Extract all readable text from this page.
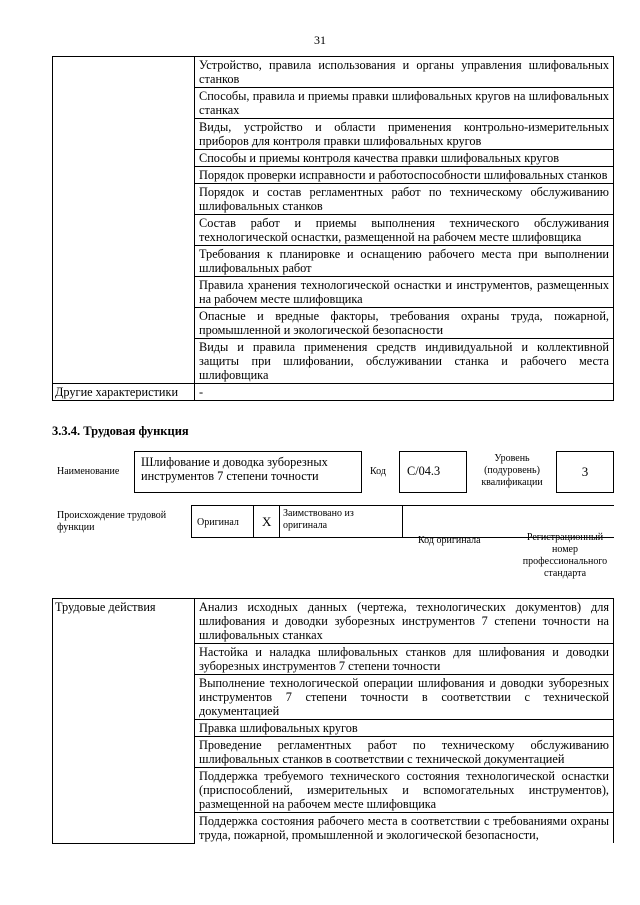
31
	Устройство, правила использования и органы управления шлифовальных станков
	Способы, правила и приемы правки шлифовальных кругов на шлифовальных станках
	Виды, устройство и области применения контрольно-измерительных приборов для контроля правки шлифовальных кругов
	Способы и приемы контроля качества правки шлифовальных кругов
	Порядок проверки исправности и работоспособности шлифовальных станков
	Порядок и состав регламентных работ по техническому обслуживанию шлифовальных станков
	Состав работ и приемы выполнения технического обслуживания технологической оснастки, размещенной на рабочем месте шлифовщика
	Требования к планировке и оснащению рабочего места при выполнении шлифовальных работ
	Правила хранения технологической оснастки и инструментов, размещенных на рабочем месте шлифовщика
	Опасные и вредные факторы, требования охраны труда, пожарной, промышленной и экологической безопасности
	Виды и правила применения средств индивидуальной и коллективной защиты при шлифовании, обслуживании станка и рабочего места шлифовщика
Другие характеристики	-
3.3.4. Трудовая функция
Наименование
Шлифование и доводка зуборезных инструментов 7 степени точности	Код	C/04.3
Уровень (подуровень) квалификации
3
Происхождение трудовой функции	Оригинал X
Заимствовано из оригинала
Код оригинала	Регистрационный номер профессионального стандарта
Трудовые действия	Анализ исходных данных (чертежа, технологических документов) для шлифования и доводки зуборезных инструментов 7 степени точности на шлифовальных станках
Настойка и наладка шлифовальных станков для шлифования и доводки зуборезных инструментов 7 степени точности
Выполнение технологической операции шлифования и доводки зуборезных инструментов 7 степени точности в соответствии с технической документацией
Правка шлифовальных кругов
Проведение регламентных работ по техническому обслуживанию шлифовальных станков в соответствии с технической документацией
Поддержка требуемого технического состояния технологической оснастки (приспособлений, измерительных и вспомогательных инструментов), размещенной на рабочем месте шлифовщика
Поддержка состояния рабочего места в соответствии с требованиями охраны труда, пожарной, промышленной и экологической безопасности,
